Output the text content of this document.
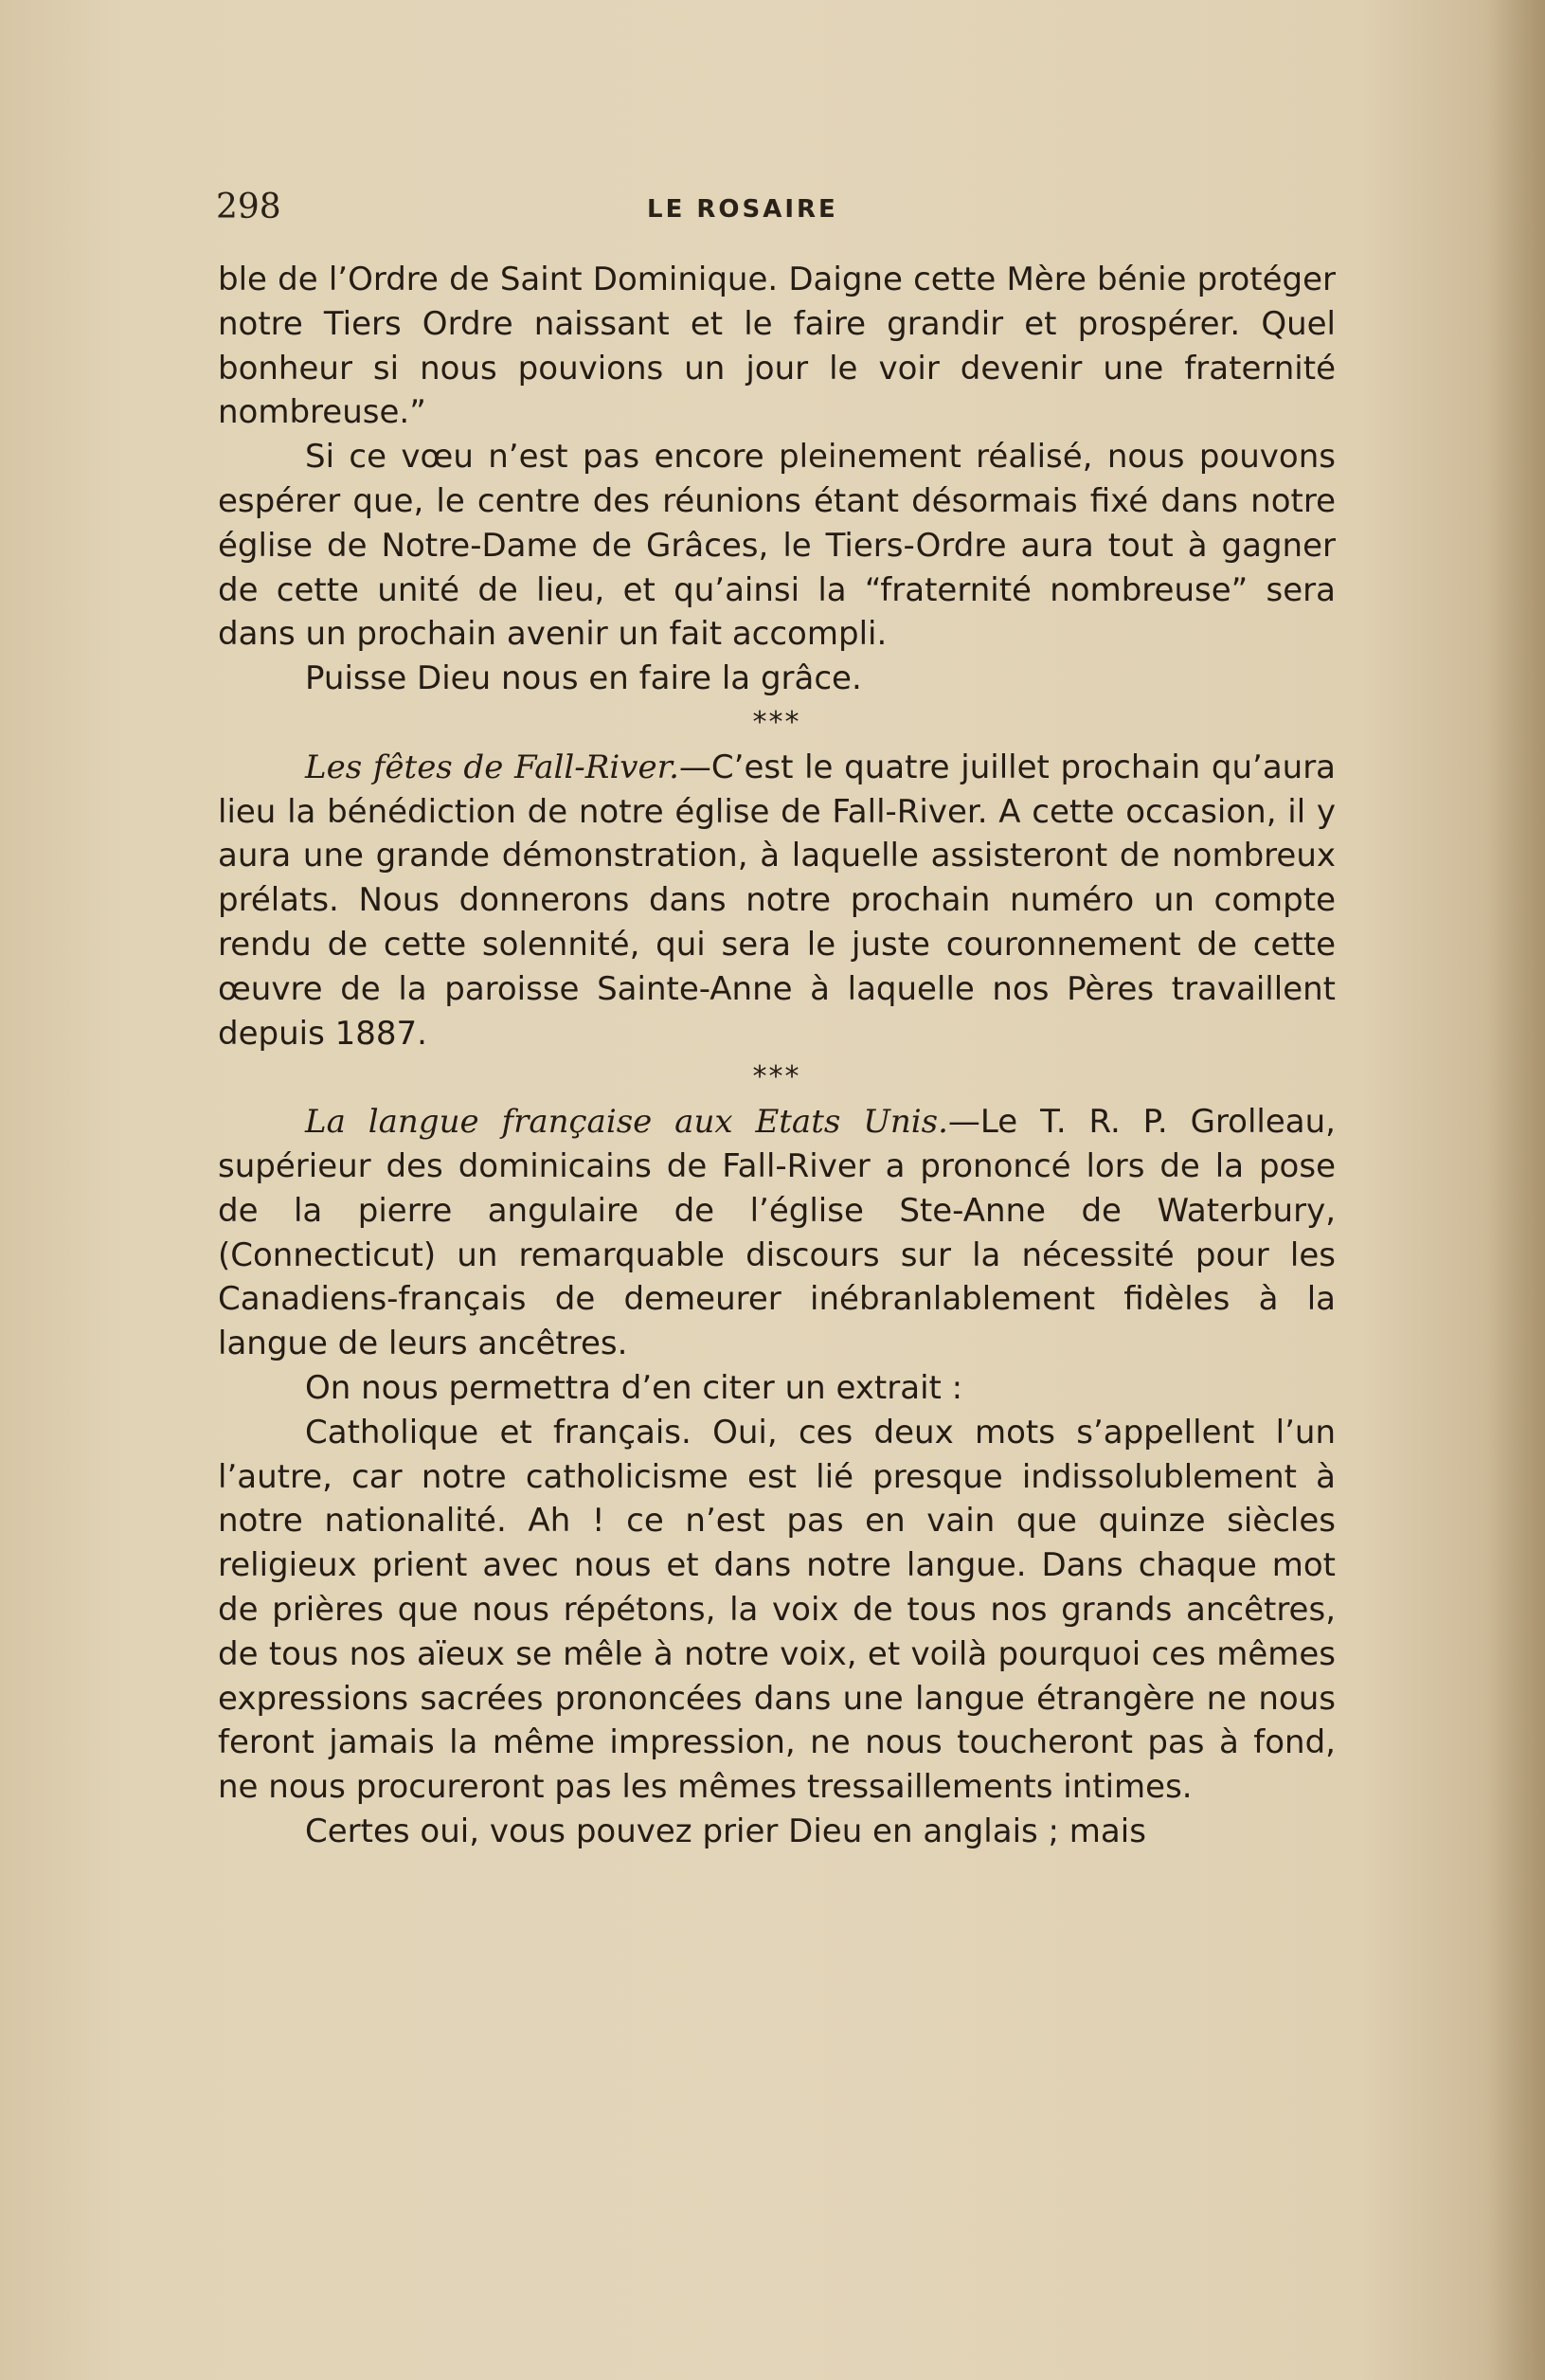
298	LE ROSAIRE

ble de l’Ordre de Saint Dominique. Daigne cette Mère bénie protéger notre Tiers Ordre naissant et le faire grandir et prospérer. Quel bonheur si nous pouvions un jour le voir devenir une fraternité nombreuse.”

Si ce vœu n’est pas encore pleinement réalisé, nous pouvons espérer que, le centre des réunions étant désormais fixé dans notre église de Notre-Dame de Grâces, le Tiers-Ordre aura tout à gagner de cette unité de lieu, et qu’ainsi la “fraternité nombreuse” sera dans un prochain avenir un fait accompli.

Puisse Dieu nous en faire la grâce.

***

Les fêtes de Fall-River.—C’est le quatre juillet prochain qu’aura lieu la bénédiction de notre église de Fall-River. A cette occasion, il y aura une grande démonstration, à laquelle assisteront de nombreux prélats. Nous donnerons dans notre prochain numéro un compte rendu de cette solennité, qui sera le juste couronnement de cette œuvre de la paroisse Sainte-Anne à laquelle nos Pères travaillent depuis 1887.

***

La langue française aux Etats Unis.—Le T. R. P. Grolleau, supérieur des dominicains de Fall-River a prononcé lors de la pose de la pierre angulaire de l’église Ste-Anne de Waterbury, (Connecticut) un remarquable discours sur la nécessité pour les Canadiens-français de demeurer inébranlablement fidèles à la langue de leurs ancêtres.

On nous permettra d’en citer un extrait :

Catholique et français. Oui, ces deux mots s’appellent l’un l’autre, car notre catholicisme est lié presque indissolublement à notre nationalité. Ah ! ce n’est pas en vain que quinze siècles religieux prient avec nous et dans notre langue. Dans chaque mot de prières que nous répétons, la voix de tous nos grands ancêtres, de tous nos aïeux se mêle à notre voix, et voilà pourquoi ces mêmes expressions sacrées prononcées dans une langue étrangère ne nous feront jamais la même impression, ne nous toucheront pas à fond, ne nous procureront pas les mêmes tressaillements intimes.

Certes oui, vous pouvez prier Dieu en anglais ; mais
